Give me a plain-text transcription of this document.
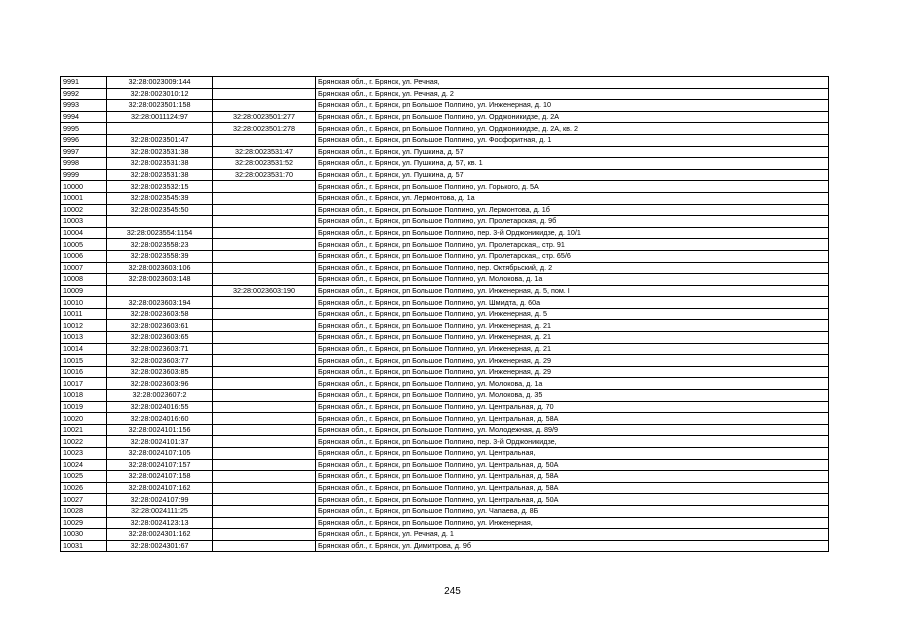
9991	32:28:0023009:144		Брянская обл., г. Брянск, ул. Речная,
9992	32:28:0023010:12		Брянская обл., г. Брянск, ул. Речная, д. 2
9993	32:28:0023501:158		Брянская обл., г. Брянск, рп Большое Полпино, ул. Инженерная, д. 10
9994	32:28:0011124:97	32:28:0023501:277	Брянская обл., г. Брянск, рп Большое Полпино, ул. Орджоникидзе, д. 2А
9995		32:28:0023501:278	Брянская обл., г. Брянск, рп Большое Полпино, ул. Орджоникидзе, д. 2А, кв. 2
9996	32:28:0023501:47		Брянская обл., г. Брянск, рп Большое Полпино, ул. Фосфоритная, д. 1
9997	32:28:0023531:38	32:28:0023531:47	Брянская обл., г. Брянск, ул. Пушкина, д. 57
9998	32:28:0023531:38	32:28:0023531:52	Брянская обл., г. Брянск, ул. Пушкина, д. 57, кв. 1
9999	32:28:0023531:38	32:28:0023531:70	Брянская обл., г. Брянск, ул. Пушкина, д. 57
10000	32:28:0023532:15		Брянская обл., г. Брянск, рп Большое Полпино, ул. Горького, д. 5А
10001	32:28:0023545:39		Брянская обл., г. Брянск, ул. Лермонтова, д. 1а
10002	32:28:0023545:50		Брянская обл., г. Брянск, рп Большое Полпино, ул. Лермонтова, д. 1б
10003			Брянская обл., г. Брянск, рп Большое Полпино, ул. Пролетарская, д. 9б
10004	32:28:0023554:1154		Брянская обл., г. Брянск, рп Большое Полпино, пер. 3-й Орджоникидзе, д. 10/1
10005	32:28:0023558:23		Брянская обл., г. Брянск, рп Большое Полпино, ул. Пролетарская,, стр. 91
10006	32:28:0023558:39		Брянская обл., г. Брянск, рп Большое Полпино, ул. Пролетарская,, стр. 65/6
10007	32:28:0023603:106		Брянская обл., г. Брянск, рп Большое Полпино, пер. Октябрьский, д. 2
10008	32:28:0023603:148		Брянская обл., г. Брянск, рп Большое Полпино, ул. Молокова, д. 1а
10009		32:28:0023603:190	Брянская обл., г. Брянск, рп Большое Полпино, ул. Инженерная, д. 5, пом. I
10010	32:28:0023603:194		Брянская обл., г. Брянск, рп Большое Полпино, ул. Шмидта, д. 60а
10011	32:28:0023603:58		Брянская обл., г. Брянск, рп Большое Полпино, ул. Инженерная, д. 5
10012	32:28:0023603:61		Брянская обл., г. Брянск, рп Большое Полпино, ул. Инженерная, д. 21
10013	32:28:0023603:65		Брянская обл., г. Брянск, рп Большое Полпино, ул. Инженерная, д. 21
10014	32:28:0023603:71		Брянская обл., г. Брянск, рп Большое Полпино, ул. Инженерная, д. 21
10015	32:28:0023603:77		Брянская обл., г. Брянск, рп Большое Полпино, ул. Инженерная, д. 29
10016	32:28:0023603:85		Брянская обл., г. Брянск, рп Большое Полпино, ул. Инженерная, д. 29
10017	32:28:0023603:96		Брянская обл., г. Брянск, рп Большое Полпино, ул. Молокова, д. 1а
10018	32:28:0023607:2		Брянская обл., г. Брянск, рп Большое Полпино, ул. Молокова, д. 35
10019	32:28:0024016:55		Брянская обл., г. Брянск, рп Большое Полпино, ул. Центральная, д. 70
10020	32:28:0024016:60		Брянская обл., г. Брянск, рп Большое Полпино, ул. Центральная, д. 58А
10021	32:28:0024101:156		Брянская обл., г. Брянск, рп Большое Полпино, ул. Молодежная, д. 89/9
10022	32:28:0024101:37		Брянская обл., г. Брянск, рп Большое Полпино, пер. 3-й Орджоникидзе,
10023	32:28:0024107:105		Брянская обл., г. Брянск, рп Большое Полпино, ул. Центральная,
10024	32:28:0024107:157		Брянская обл., г. Брянск, рп Большое Полпино, ул. Центральная, д. 50А
10025	32:28:0024107:158		Брянская обл., г. Брянск, рп Большое Полпино, ул. Центральная, д. 58А
10026	32:28:0024107:162		Брянская обл., г. Брянск, рп Большое Полпино, ул. Центральная, д. 58А
10027	32:28:0024107:99		Брянская обл., г. Брянск, рп Большое Полпино, ул. Центральная, д. 50А
10028	32:28:0024111:25		Брянская обл., г. Брянск, рп Большое Полпино, ул. Чапаева, д. 8Б
10029	32:28:0024123:13		Брянская обл., г. Брянск, рп Большое Полпино, ул. Инженерная,
10030	32:28:0024301:162		Брянская обл., г. Брянск, ул. Речная, д. 1
10031	32:28:0024301:67		Брянская обл., г. Брянск, ул. Димитрова, д. 9б
245
